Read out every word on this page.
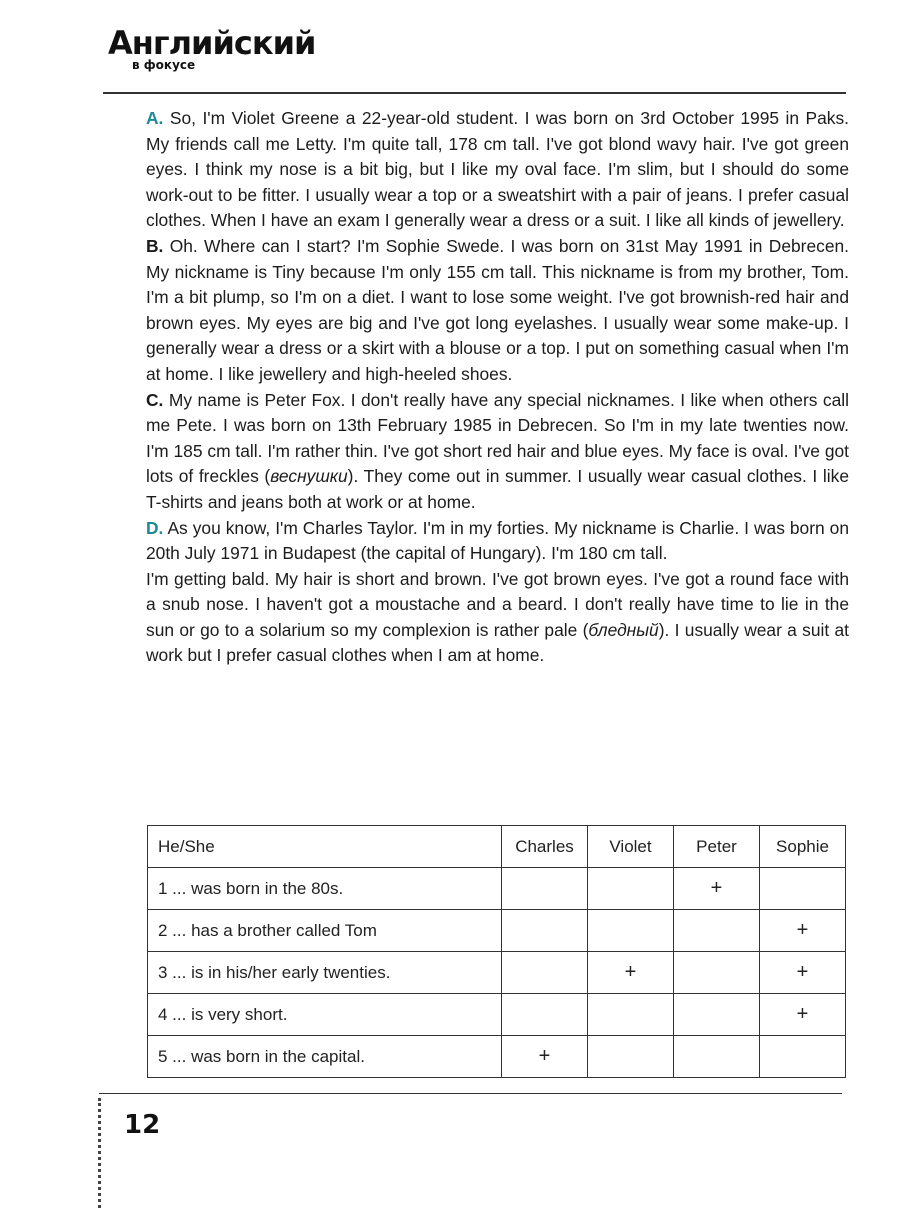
Английский
в фокусе

A. So, I'm Violet Greene a 22-year-old student. I was born on 3rd October 1995 in Paks. My friends call me Letty. I'm quite tall, 178 cm tall. I've got blond wavy hair. I've got green eyes. I think my nose is a bit big, but I like my oval face. I'm slim, but I should do some work-out to be fitter. I usually wear a top or a sweatshirt with a pair of jeans. I prefer casual clothes. When I have an exam I generally wear a dress or a suit. I like all kinds of jewellery.

B. Oh. Where can I start? I'm Sophie Swede. I was born on 31st May 1991 in Debrecen. My nickname is Tiny because I'm only 155 cm tall. This nickname is from my brother, Tom. I'm a bit plump, so I'm on a diet. I want to lose some weight. I've got brownish-red hair and brown eyes. My eyes are big and I've got long eyelashes. I usually wear some make-up. I generally wear a dress or a skirt with a blouse or a top. I put on something casual when I'm at home. I like jewellery and high-heeled shoes.

C. My name is Peter Fox. I don't really have any special nicknames. I like when others call me Pete. I was born on 13th February 1985 in Debrecen. So I'm in my late twenties now. I'm 185 cm tall. I'm rather thin. I've got short red hair and blue eyes. My face is oval. I've got lots of freckles (веснушки). They come out in summer. I usually wear casual clothes. I like T-shirts and jeans both at work or at home.

D. As you know, I'm Charles Taylor. I'm in my forties. My nickname is Charlie. I was born on 20th July 1971 in Budapest (the capital of Hungary). I'm 180 cm tall.

I'm getting bald. My hair is short and brown. I've got brown eyes. I've got a round face with a snub nose. I haven't got a moustache and a beard. I don't really have time to lie in the sun or go to a solarium so my complexion is rather pale (бледный). I usually wear a suit at work but I prefer casual clothes when I am at home.

He/She	Charles	Violet	Peter	Sophie
1 ... was born in the 80s.			+	
2 ... has a brother called Tom				+
3 ... is in his/her early twenties.		+		+
4 ... is very short.				+
5 ... was born in the capital.	+			
12
